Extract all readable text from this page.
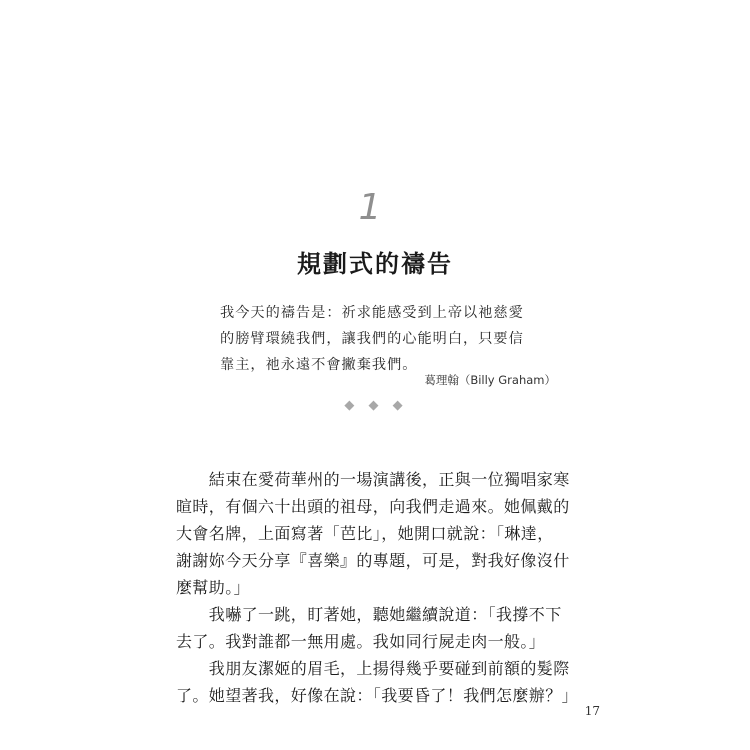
1
規劃式的禱告
我今天的禱告是：祈求能感受到上帝以祂慈愛
的膀臂環繞我們，讓我們的心能明白，只要信
靠主，祂永遠不會撇棄我們。
葛理翰（Billy Graham）
◆ ◆ ◆
　　結束在愛荷華州的一場演講後，正與一位獨唱家寒
暄時，有個六十出頭的祖母，向我們走過來。她佩戴的
大會名牌，上面寫著「芭比」，她開口就說：「琳達，
謝謝妳今天分享『喜樂』的專題，可是，對我好像沒什
麼幫助。」
　　我嚇了一跳，盯著她，聽她繼續說道：「我撐不下
去了。我對誰都一無用處。我如同行屍走肉一般。」
　　我朋友潔姬的眉毛，上揚得幾乎要碰到前額的髮際
了。她望著我，好像在說：「我要昏了！我們怎麼辦？」
17
